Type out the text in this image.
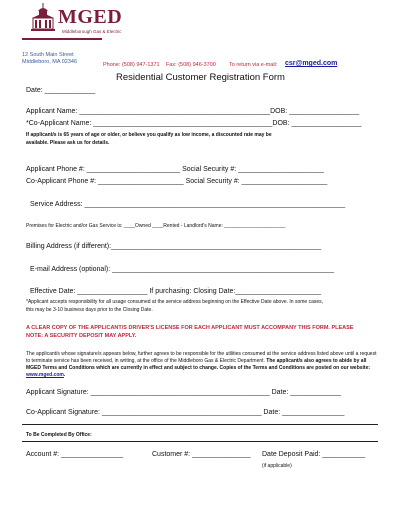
MGED
Middleborough Gas & Electric
12 South Main Street
Middleboro, MA 02346	Phone: (508) 947-1371 Fax: (508) 946-3700 To return via e-mail: csr@mged.com
Residential Customer Registration Form
Date: _____________
Applicant Name: _________________________________________________DOB: __________________
*Co-Applicant Name: ______________________________________________DOB: __________________
If applicant/s is 65 years of age or older, or believe you qualify as low income, a discounted rate may be
available. Please ask us for details.
Applicant Phone #: ________________________ Social Security #: ______________________
Co-Applicant Phone #: ______________________ Social Security #: ______________________
Service Address: ___________________________________________________________________
Premises for Electric and/or Gas Service is: ____Owned ____Rented - Landlord's Name: ______________________
Billing Address (if different):______________________________________________________
E-mail Address (optional): _________________________________________________________
Effective Date: __________________ If purchasing: Closing Date:______________________
*Applicant accepts responsibility for all usage consumed at the service address beginning on the Effective Date above. In some cases,
this may be 3-10 business days prior to the Closing Date.
A CLEAR COPY OF THE APPLICANT/S DRIVER'S LICENSE FOR EACH APPLICANT MUST ACCOMPANY THIS FORM. PLEASE
NOTE: A SECURITY DEPOSIT MAY APPLY.
The applicant/s whose signature/s appears below, further agrees to be responsible for the utilities consumed at the service address listed above until a request to terminate service has been received, in writing, at the office of the Middleboro Gas & Electric Department. The applicant/s also agrees to abide by all MGED Terms and Conditions which are currently in effect and subject to change. Copies of the Terms and Conditions are posted on our website: www.mged.com.
Applicant Signature: ______________________________________________ Date: _____________
Co-Applicant Signature: _________________________________________ Date: ________________
To Be Completed By Office:
Account #: ________________	Customer #: _______________ Date Deposit Paid: ___________
(if applicable)
